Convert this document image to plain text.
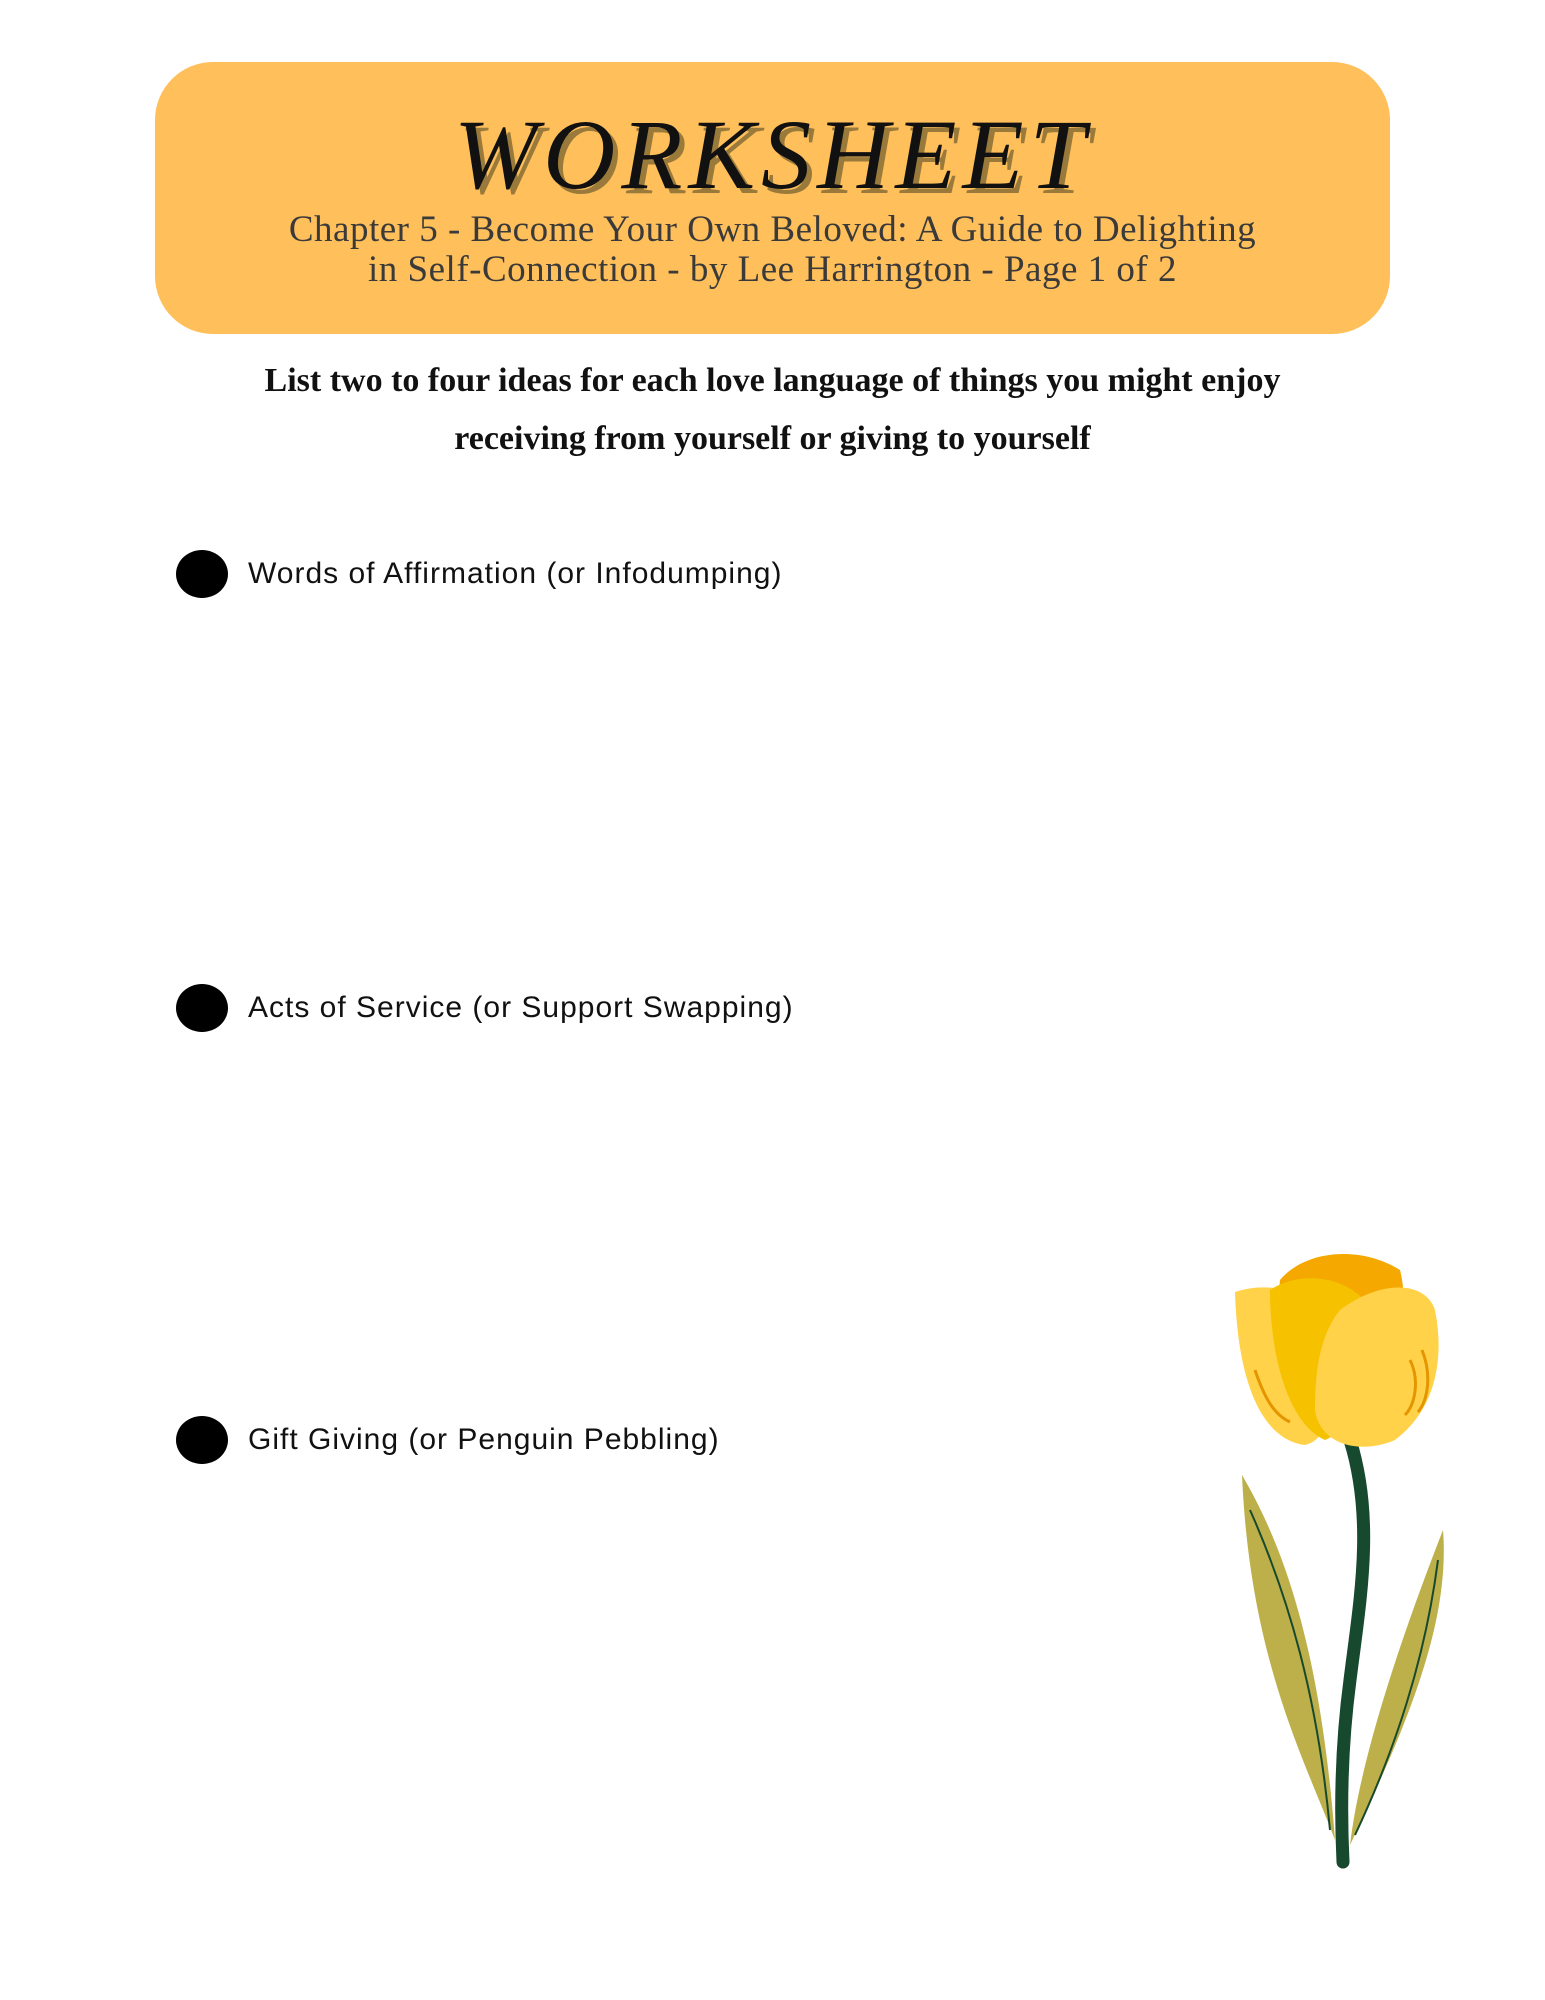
WORKSHEET
Chapter 5 - Become Your Own Beloved: A Guide to Delighting
in Self-Connection - by Lee Harrington - Page 1 of 2
List two to four ideas for each love language of things you might enjoy
receiving from yourself or giving to yourself
Words of Affirmation (or Infodumping)
Acts of Service (or Support Swapping)
Gift Giving (or Penguin Pebbling)
